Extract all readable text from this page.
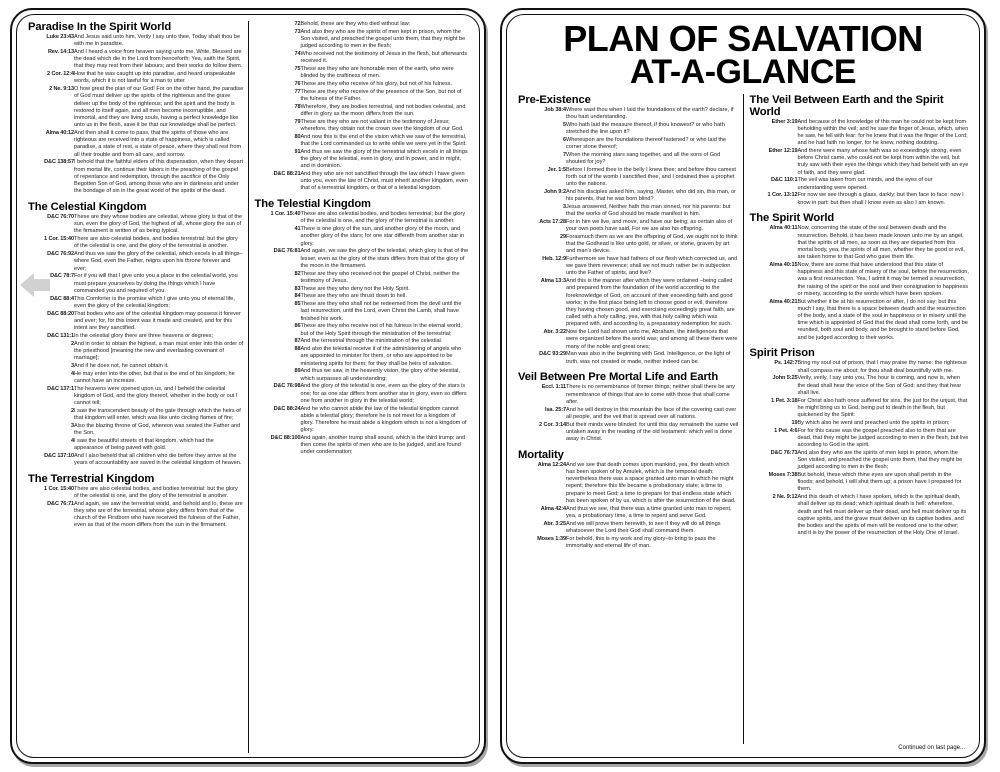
Paradise In the Spirit World
Luke 23:43	And Jesus said unto him, Verily I say unto thee, Today shalt thou be with me in paradise.
Rev. 14:13	And I heard a voice from heaven saying unto me, Write, Blessed are the dead which die in the Lord from henceforth: Yea, saith the Spirit, that they may rest from their labours; and their works do follow them.
2 Cor. 12:4	How that he was caught up into paradise, and heard unspeakable words, which it is not lawful for a man to utter.
2 Ne. 9:13	O how great the plan of our God! For on the other hand, the paradise of God must deliver up the spirits of the righteous and the grave deliver up the body of the righteous; and the spirit and the body is restored to itself again, and all men become incorruptible, and immortal, and they are living souls, having a perfect knowledge like unto us in the flesh, save it be that our knowledge shall be perfect.
Alma 40:12	And then shall it come to pass, that the spirits of those who are righteous are received into a state of happiness, which is called paradise, a state of rest, a state of peace, where they shall rest from all their trouble and from all care, and sorrow.
D&C 138:57	I behold that the faithful elders of this dispensation, when they depart from mortal life, continue their labors in the preaching of the gospel of repentance and redemption, through the sacrifice of the Only Begotten Son of God, among those who are in darkness and under the bondage of sin in the great world of the spirits of the dead.
The Celestial Kingdom
D&C 76:70	These are they whose bodies are celestial, whose glory is that of the sun, even the glory of God, the highest of all, whose glory the sun of the firmament is written of as being typical.
1 Cor. 15:40	There are also celestial bodies, and bodies terrestrial: but the glory of the celestial is one, and the glory of the terrestrial is another.
D&C 76:92	And thus we saw the glory of the celestial, which excels in all things–where God, even the Father, reigns upon his throne forever and ever;
D&C 78:7	For if you will that I give unto you a place in the celestial world, you must prepare yourselves by doing the things which I have commanded you and required of you.
D&C 88:4	This Comforter is the promise which I give unto you of eternal life, even the glory of the celestial kingdom;
D&C 88:20	That bodies who are of the celestial kingdom may possess it forever and ever; for, for this intent was it made and created, and for this intent are they sanctified.
D&C 131:1	In the celestial glory there are three heavens or degrees;
2	And in order to obtain the highest, a man must enter into this order of the priesthood [meaning the new and everlasting covenant of marriage];
3	And if he does not, he cannot obtain it.
4	He may enter into the other, but that is the end of his kingdom; he cannot have an increase.
D&C 137:1	The heavens were opened upon us, and I beheld the celestial kingdom of God, and the glory thereof, whether in the body or out I cannot tell;
2	I saw the transcendent beauty of the gate through which the heirs of that kingdom will enter, which was like unto circling flames of fire;
3	Also the blazing throne of God, whereon was seated the Father and the Son.
4	I saw the beautiful streets of that kingdom, which had the appearance of being paved with gold.
D&C 137:10	And I also beheld that all children who die before they arrive at the years of accountability are saved in the celestial kingdom of heaven.
The Terrestrial Kingdom
1 Cor. 15:40	There are also celestial bodies, and bodies terrestrial: but the glory of the celestial is one, and the glory of the terrestrial is another.
D&C 76:71	And again, we saw the terrestrial world, and behold and lo, these are they who are of the terrestrial, whose glory differs from that of the church of the Firstborn who have received the fulness of the Father, even as that of the moon differs from the sun in the firmament.
72	Behold, these are they who died without law;
73	And also they who are the spirits of men kept in prison, whom the Son visited, and preached the gospel unto them, that they might be judged according to men in the flesh;
74	Who received not the testimony of Jesus in the flesh, but afterwards received it.
75	These are they who are honorable men of the earth, who were blinded by the craftiness of men.
76	These are they who receive of his glory, but not of his fulness.
77	These are they who receive of the presence of the Son, but not of the fulness of the Father.
78	Wherefore, they are bodies terrestrial, and not bodies celestial, and differ in glory as the moon differs from the sun.
79	These are they who are not valiant in the testimony of Jesus; wherefore, they obtain not the crown over the kingdom of our God.
80	And now this is the end of the vision which we saw of the terrestrial, that the Lord commanded us to write while we were yet in the Spirit.
91	And thus we saw the glory of the terrestrial which excels in all things the glory of the telestial, even in glory, and in power, and in might, and in dominion.
D&C 88:21	And they who are not sanctified through the law which I have given unto you, even the law of Christ, must inherit another kingdom, even that of a terrestrial kingdom, or that of a telestial kingdom.
The Telestial Kingdom
1 Cor. 15:40	These are also celestial bodies, and bodies terrestrial; but the glory of the celestial is one, and the glory of the terrestrial is another.
41	There is one glory of the sun, and another glory of the moon, and another glory of the stars; for one star differeth from another star in glory.
D&C 76:81	And again, we saw the glory of the telestial, which glory is that of the lesser, even as the glory of the stars differs from that of the glory of the moon in the firmament.
82	These are they who received not the gospel of Christ, neither the testimony of Jesus.
83	These are they who deny not the Holy Spirit.
84	These are they who are thrust down to hell.
85	These are they who shall not be redeemed from the devil until the last resurrection, until the Lord, even Christ the Lamb, shall have finished his work.
86	These are they who receive not of his fulness in the eternal world, but of the Holy Spirit through the ministration of the terrestrial;
87	And the terrestrial through the ministration of the celestial.
88	And also the telestial receive it of the administering of angels who are appointed to minister for them, or who are appointed to be ministering spirits for them; for they shall be heirs of salvation.
89	And thus we saw, in the heavenly vision, the glory of the telestial, which surpasses all understanding;
D&C 76:98	And the glory of the telestial is one, even as the glory of the stars is one; for as one star differs from another star in glory, even so differs one from another in glory in the telestial world;
D&C 88:24	And he who cannot abide the law of the telestial kingdom cannot abide a telestial glory; therefore he is not meet for a kingdom of glory. Therefore he must abide a kingdom which is not a kingdom of glory.
D&C 88:100	And again, another trump shall sound, which is the third trump; and then come the spirits of men who are to be judged, and are found under condemnation;
PLAN OF SALVATION
AT-A-GLANCE
Pre-Existence
Job 38:4	Where wast thou when I laid the foundations of the earth? declare, if thou hast understanding.
5	Who hath laid the measure thereof, if thou knowest? or who hath stretched the line upon it?
6	Whereupon are the foundations thereof fastened? or who laid the corner stone thereof;
7	When the morning stars sang together, and all the sons of God shouted for joy?
Jer. 1:5	Before I formed thee in the belly I knew thee; and before thou camest forth out of the womb I sanctified thee, and I ordained thee a prophet unto the nations.
John 9:2	And his disciples asked him, saying, Master, who did sin, this man, or his parents, that he was born blind?
3	Jesus answered, Neither hath this man sinned, nor his parents: but that the works of God should be made manifest in him.
Acts 17:28	For in him we live, and move, and have our being; as certain also of your own poets have said, For we are also his offspring.
29	Forasmuch them as we are the offspring of God, we ought not to think that the Godhead is like unto gold, or silver, or stone, graven by art and man's device.
Heb. 12:9	Furthermore we have had fathers of our flesh which corrected us, and we gave them reverence; shall we not much rather be in subjection unto the Father of spirits, and live?
Alma 13:3	And this is the manner after which they were ordained –being called and prepared from the foundation of the world according to the foreknowledge of God, on account of their exceeding faith and good works; in the first place being left to choose good or evil, therefore they having chosen good, and exercising exceedingly great faith, are called with a holy calling, yea, with that holy calling which was prepared with, and according to, a preparatory redemption for such.
Abr. 3:22	Now the Lord had shown unto me, Abraham, the intelligences that were organized before the world was; and among all these there were many of the noble and great ones;
D&C 93:29	Man was also in the beginning with God. Intelligence, or the light of truth, was not created or made, neither indeed can be.
Veil Between Pre Mortal Life and Earth
Eccl. 1:11	There is no remembrance of former things; neither shall there be any remembrance of things that are to come with those that shall come after.
Isa. 25:7	And he will destroy in this mountain the face of the covering cast over all people, and the veil that is spread over all nations.
2 Cor. 3:14	But their minds were blinded: for until this day remaineth the same veil untaken away in the reading of the old testament: which veil is done away in Christ.
Mortality
Alma 12:24	And we see that death comes upon mankind, yea, the death which has been spoken of by Amulek, which is the temporal death; nevertheless there was a space granted unto man in which he might repent; therefore this life became a probationary state; a time to prepare to meet God; a time to prepare for that endless state which has been spoken of by us, which is after the resurrection of the dead.
Alma 42:4	And thus we see, that there was a time granted unto man to repent, yea, a probationary time, a time to repent and serve God.
Abr. 3:25	And we will prove them herewith, to see if they will do all things whatsoever the Lord their God shall command them.
Moses 1:39	For behold, this is my work and my glory–to bring to pass the immortality and eternal life of man.
The Veil Between Earth and the Spirit World
Ether 3:19	And because of the knowledge of this man he could not be kept from beholding within the veil; and he saw the finger of Jesus, which, when he saw, he fell with fear: for he knew that it was the finger of the Lord; and he had faith no longer, for he knew, nothing doubting.
Ether 12:19	And there were many whose faith was so exceedingly strong, even before Christ came, who could not be kept from within the veil, but truly saw with their eyes the things which they had beheld with an eye of faith, and they were glad.
D&C 110:1	The veil was taken from our minds, and the eyes of our understanding were opened.
1 Cor. 13:12	For now we see through a glass, darkly; but then face to face: now I know in part: but then shall I know even as also I am known.
The Spirit World
Alma 40:11	Now, concerning the state of the soul between death and the resurrection. Behold, it has been made known unto me by an angel, that the spirits of all men, as soon as they are departed from this mortal body, yea, the spirits of all men, whether they be good or evil, are taken home to that God who gave them life.
Alma 40:15	Now, there are some that have understood that this state of happiness and this state of misery of the soul, before the resurrection, was a first resurrection. Yea, I admit it may be termed a resurrection, the raising of the spirit or the soul and their consignation to happiness or misery, according to the words which have been spoken.
Alma 40:21	But whether it be at his resurrection or after, I do not say; but this much I say, that there is a space between death and the resurrection of the body, and a state of the soul in happiness or in misery until the time which is appointed of God that the dead shall come forth, and be reunited, both soul and body, and be brought to stand before God, and be judged according to their works.
Spirit Prison
Ps. 142:7	Bring my soul out of prison, that I may praise thy name: the righteous shall compass me about; for thou shalt deal bountifully with me.
John 5:25	Verily, verily, I say unto you, The hour is coming, and now is, when the dead shall hear the voice of the Son of God: and they that hear shall live.
1 Pet. 3:18	For Christ also hath once suffered for sins, the just for the unjust, that he might bring us to God, being put to death in the flesh, but quickened by the Spirit:
19	By which also he went and preached unto the spirits in prison;
1 Pet. 4:6	For for this cause was the gospel preached also to them that are dead, that they might be judged according to men in the flesh, but live according to God in the spirit.
D&C 76:73	And also they who are the spirits of men kept in prison, whom the Son visited, and preached the gospel unto them, that they might be judged according to men in the flesh;
Moses 7:38	But behold, these which thine eyes are upon shall perish in the floods; and behold, I will shut them up; a prison have I prepared for them.
2 Ne. 9:12	And this death of which I have spoken, which is the spiritual death, shall deliver up its dead; which spiritual death is hell: wherefore, death and hell must deliver up their dead, and hell must deliver up its captive spirits, and the grave must deliver up its captive bodies, and the bodies and the spirits of men will be restored one to the other; and it is by the power of the resurrection of the Holy One of Israel.
Continued on last page...
